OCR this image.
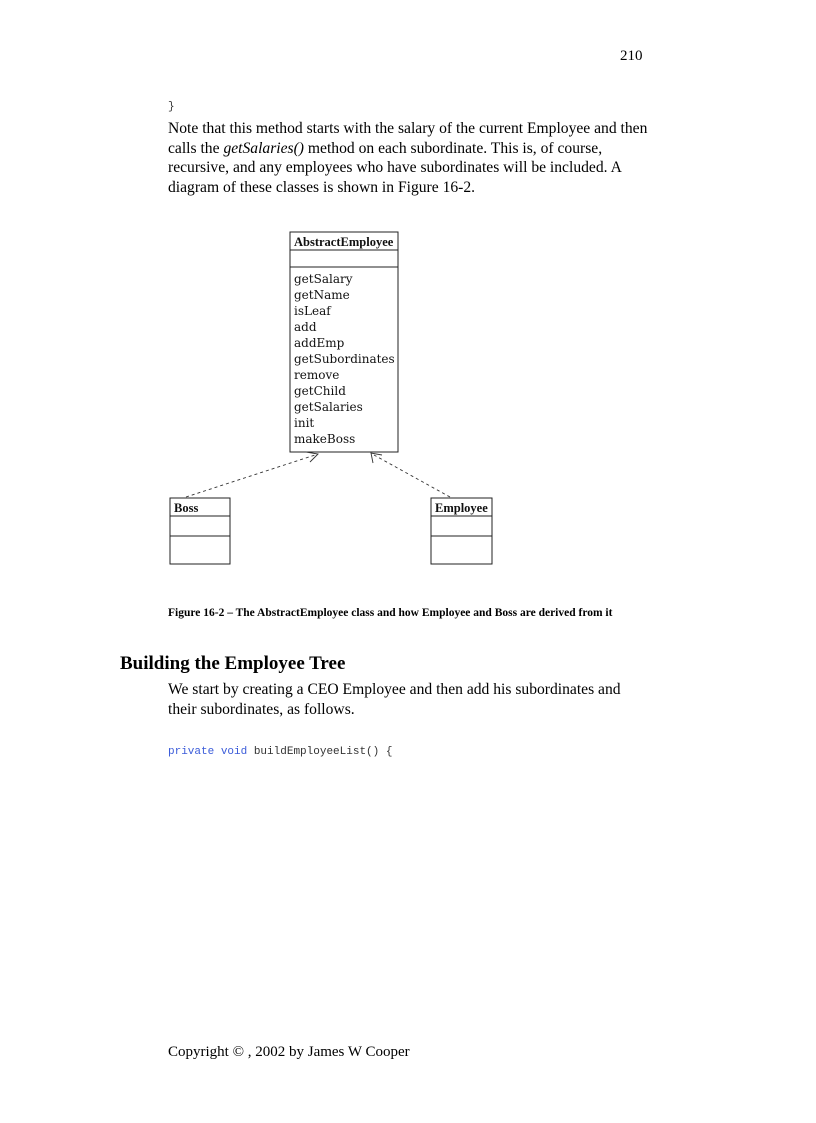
210
}
Note that this method starts with the salary of the current Employee and then calls the getSalaries() method on each subordinate. This is, of course, recursive, and any employees who have subordinates will be included. A diagram of these classes is shown in Figure 16-2.
AbstractEmployee
getSalary
getName
isLeaf
add
addEmp
getSubordinates
remove
getChild
getSalaries
init
makeBoss
Boss	Employee
Figure 16-2 – The AbstractEmployee class and how Employee and Boss are derived from it
Building the Employee Tree
We start by creating a CEO Employee and then add his subordinates and their subordinates, as follows.
private void buildEmployeeList() {
Copyright © , 2002 by James W Cooper
